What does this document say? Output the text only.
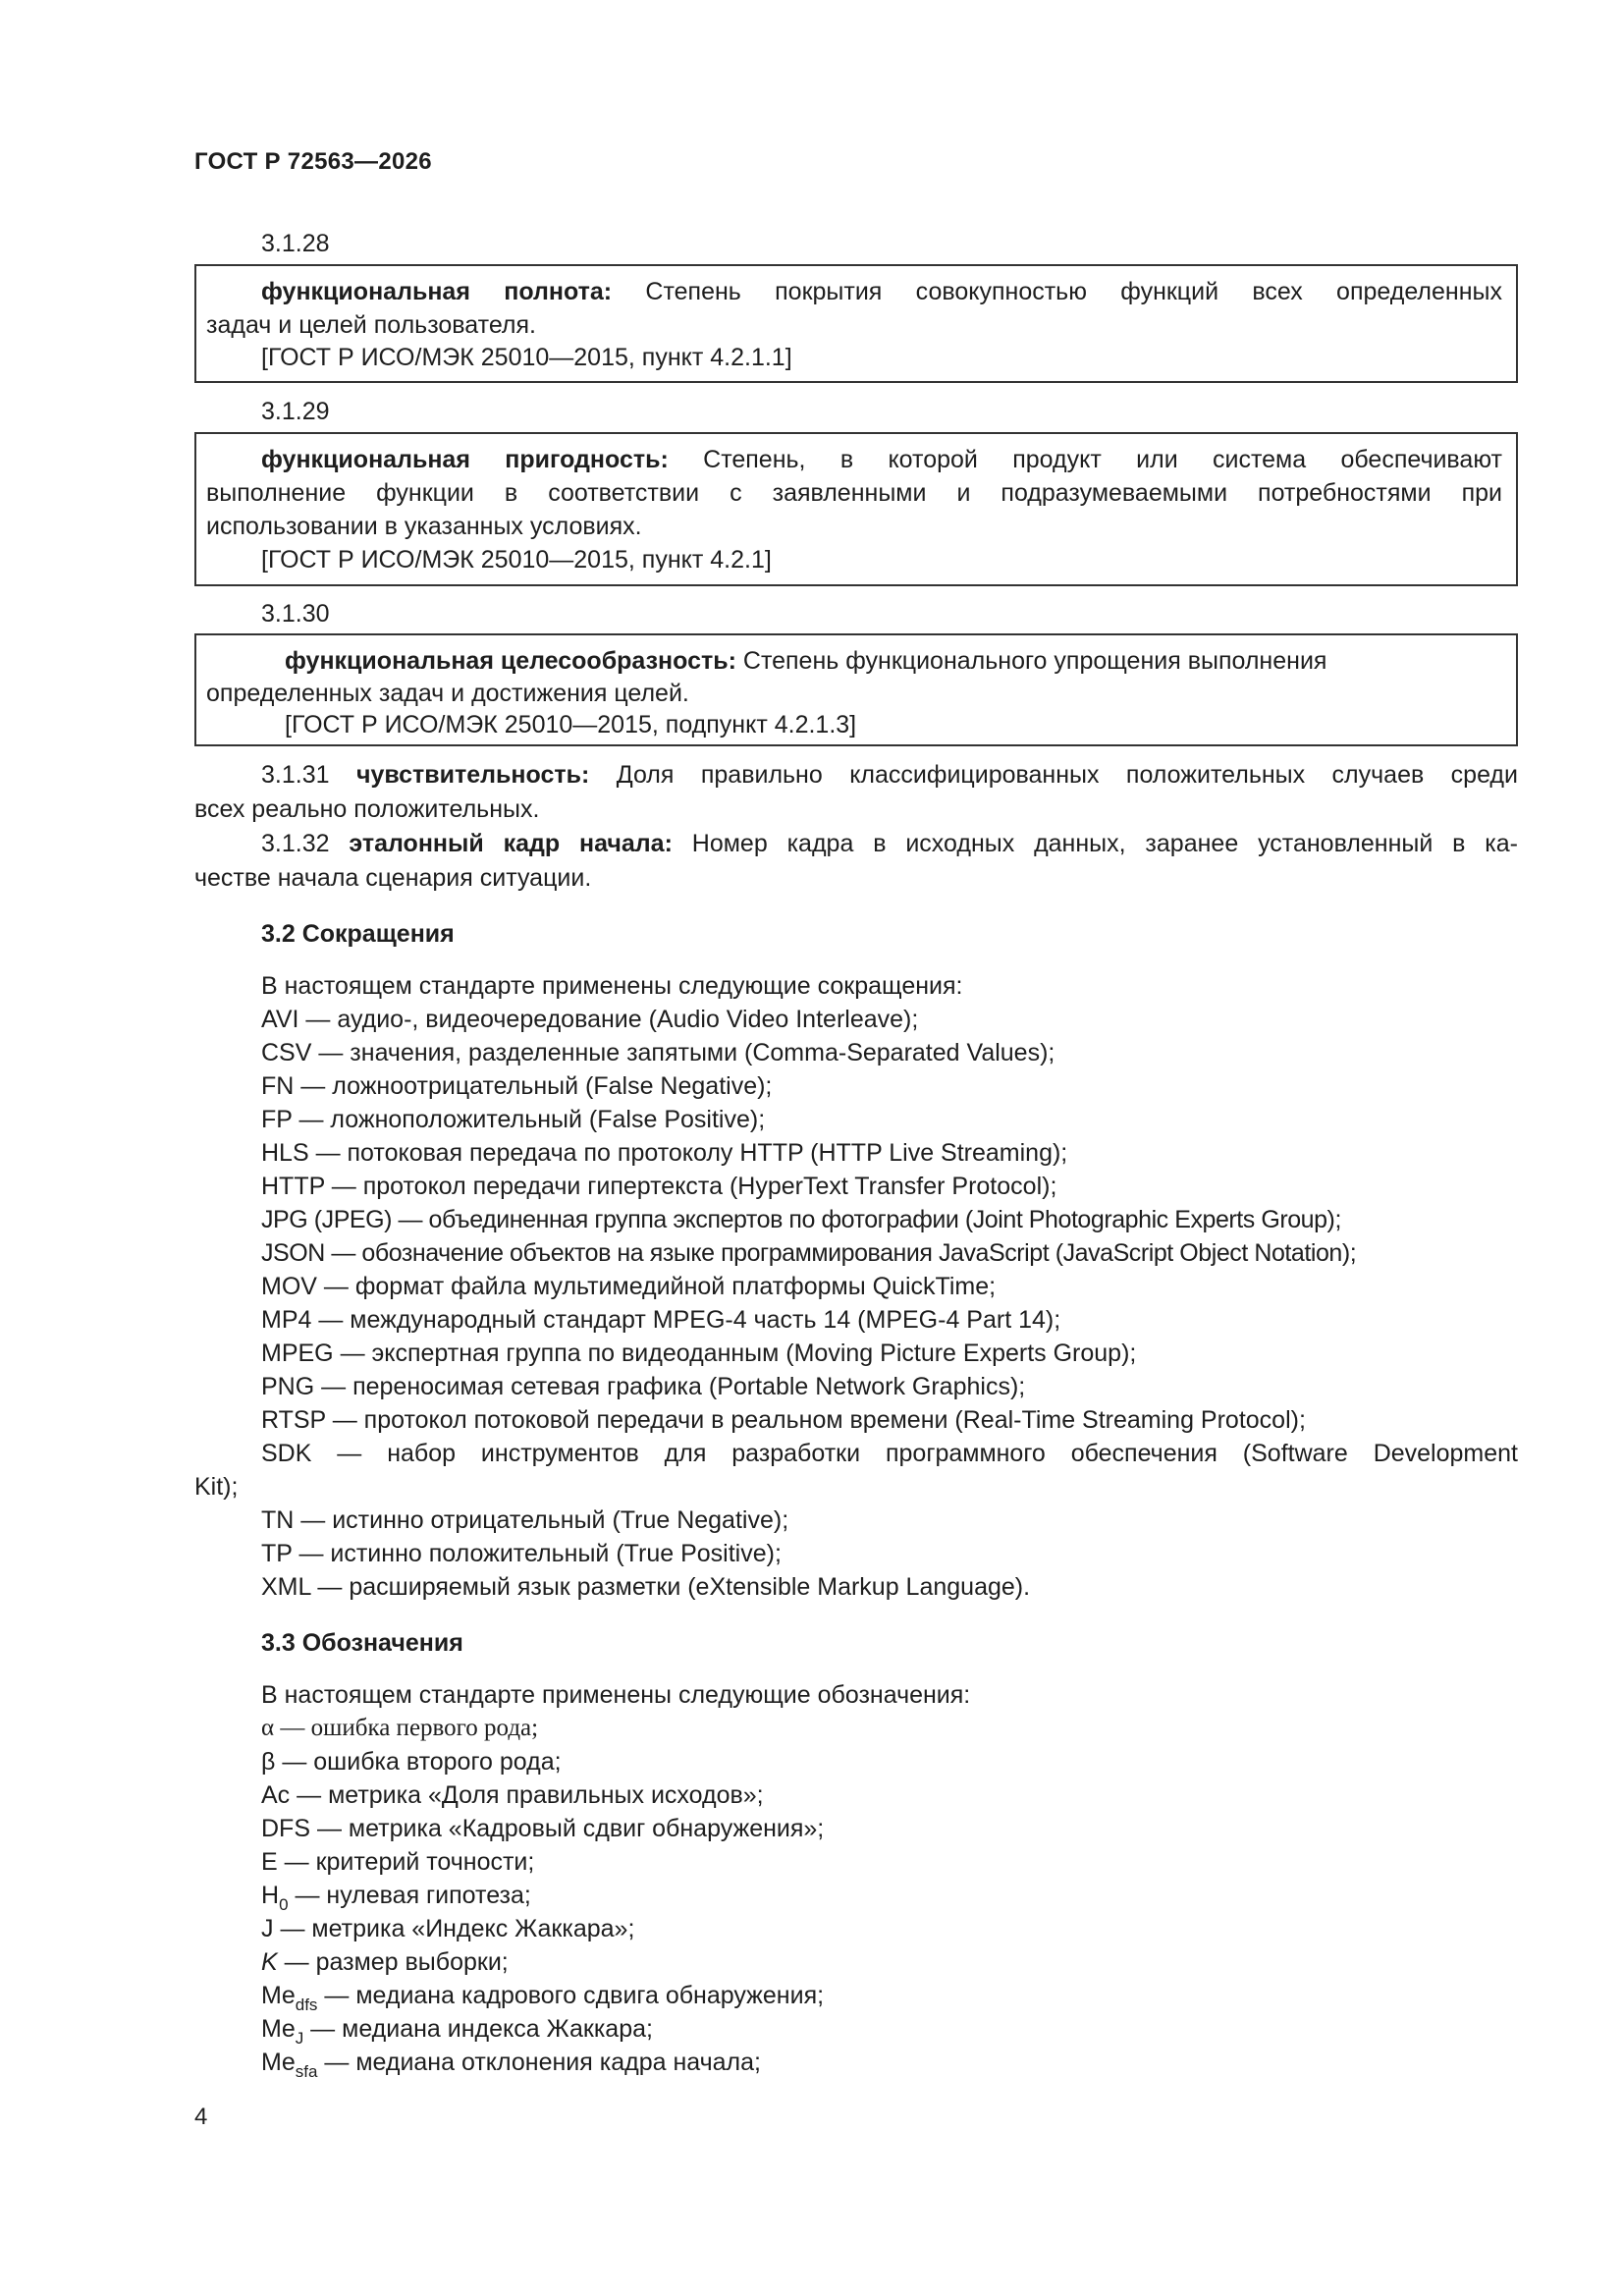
ГОСТ Р 72563—2026
3.1.28
функциональная полнота: Степень покрытия совокупностью функций всех определенных
задач и целей пользователя.
[ГОСТ Р ИСО/МЭК 25010—2015, пункт 4.2.1.1]
3.1.29
функциональная пригодность: Степень, в которой продукт или система обеспечивают
выполнение функции в соответствии с заявленными и подразумеваемыми потребностями при
использовании в указанных условиях.
[ГОСТ Р ИСО/МЭК 25010—2015, пункт 4.2.1]
3.1.30
функциональная целесообразность: Степень функционального упрощения выполнения
определенных задач и достижения целей.
[ГОСТ Р ИСО/МЭК 25010—2015, подпункт 4.2.1.3]
3.1.31 чувствительность: Доля правильно классифицированных положительных случаев среди
всех реально положительных.
3.1.32 эталонный кадр начала: Номер кадра в исходных данных, заранее установленный в ка-
честве начала сценария ситуации.
3.2 Сокращения
В настоящем стандарте применены следующие сокращения:
AVI — аудио-, видеочередование (Audio Video Interleave);
CSV — значения, разделенные запятыми (Comma-Separated Values);
FN — ложноотрицательный (False Negative);
FP — ложноположительный (False Positive);
HLS — потоковая передача по протоколу HTTP (HTTP Live Streaming);
HTTP — протокол передачи гипертекста (HyperText Transfer Protocol);
JPG (JPEG) — объединенная группа экспертов по фотографии (Joint Photographic Experts Group);
JSON — обозначение объектов на языке программирования JavaScript (JavaScript Object Notation);
MOV — формат файла мультимедийной платформы QuickTime;
MP4 — международный стандарт MPEG-4 часть 14 (MPEG-4 Part 14);
MPEG — экспертная группа по видеоданным (Moving Picture Experts Group);
PNG — переносимая сетевая графика (Portable Network Graphics);
RTSP — протокол потоковой передачи в реальном времени (Real-Time Streaming Protocol);
SDK — набор инструментов для разработки программного обеспечения (Software Development
Kit);
TN — истинно отрицательный (True Negative);
TP — истинно положительный (True Positive);
XML — расширяемый язык разметки (eXtensible Markup Language).
3.3 Обозначения
В настоящем стандарте применены следующие обозначения:
α — ошибка первого рода;
β — ошибка второго рода;
Ac — метрика «Доля правильных исходов»;
DFS — метрика «Кадровый сдвиг обнаружения»;
E — критерий точности;
$H_0$ — нулевая гипотеза;
J — метрика «Индекс Жаккара»;
K — размер выборки;
$Me_{dfs}$ — медиана кадрового сдвига обнаружения;
$Me_J$ — медиана индекса Жаккара;
$Me_{sfa}$ — медиана отклонения кадра начала;
4
